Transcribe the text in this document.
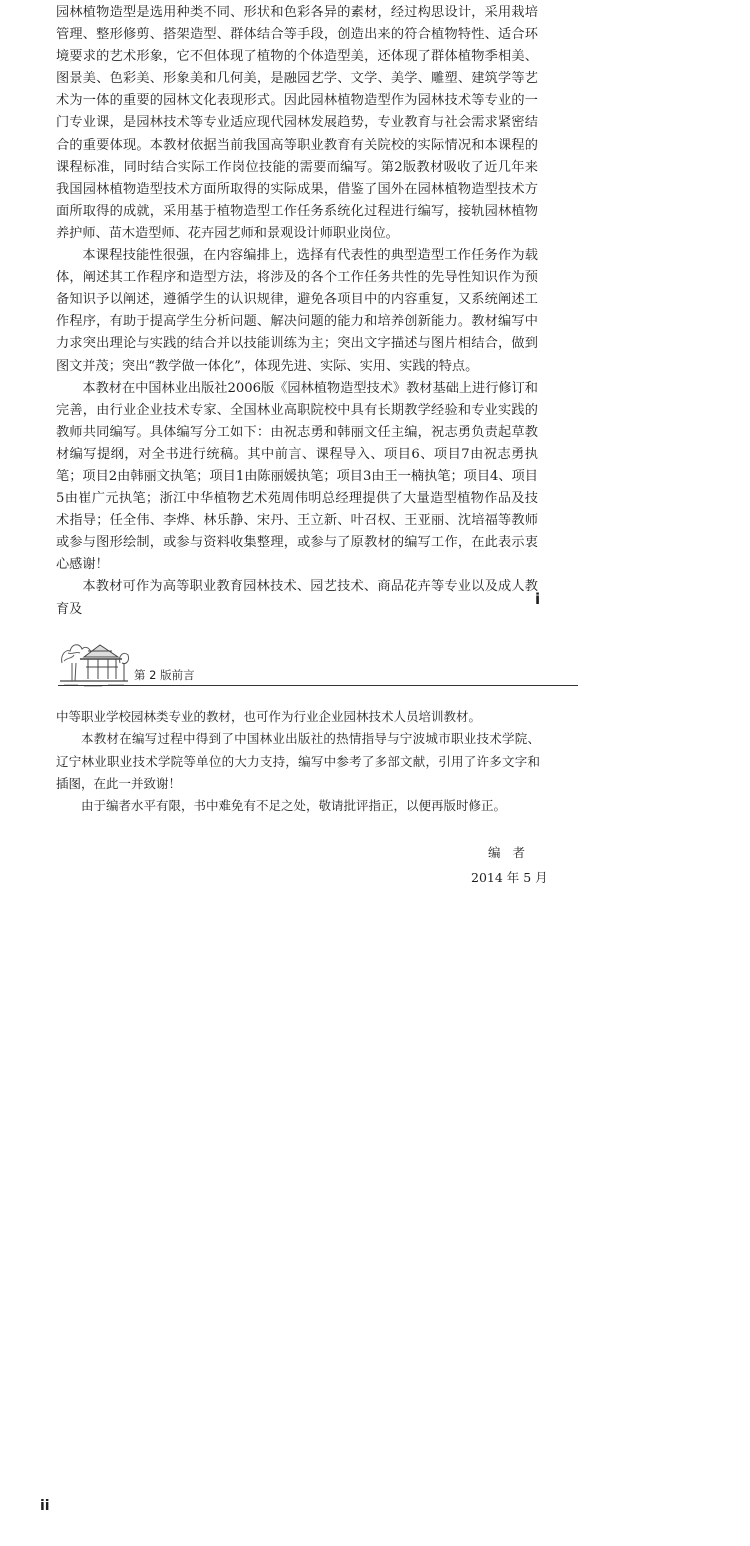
园林植物造型是选用种类不同、形状和色彩各异的素材，经过构思设计，采用栽培管理、整形修剪、搭架造型、群体结合等手段，创造出来的符合植物特性、适合环境要求的艺术形象，它不但体现了植物的个体造型美，还体现了群体植物季相美、图景美、色彩美、形象美和几何美，是融园艺学、文学、美学、雕塑、建筑学等艺术为一体的重要的园林文化表现形式。因此园林植物造型作为园林技术等专业的一门专业课，是园林技术等专业适应现代园林发展趋势，专业教育与社会需求紧密结合的重要体现。本教材依据当前我国高等职业教育有关院校的实际情况和本课程的课程标准，同时结合实际工作岗位技能的需要而编写。第2版教材吸收了近几年来我国园林植物造型技术方面所取得的实际成果，借鉴了国外在园林植物造型技术方面所取得的成就，采用基于植物造型工作任务系统化过程进行编写，接轨园林植物养护师、苗木造型师、花卉园艺师和景观设计师职业岗位。

本课程技能性很强，在内容编排上，选择有代表性的典型造型工作任务作为载体，阐述其工作程序和造型方法，将涉及的各个工作任务共性的先导性知识作为预备知识予以阐述，遵循学生的认识规律，避免各项目中的内容重复，又系统阐述工作程序，有助于提高学生分析问题、解决问题的能力和培养创新能力。教材编写中力求突出理论与实践的结合并以技能训练为主；突出文字描述与图片相结合，做到图文并茂；突出“教学做一体化”，体现先进、实际、实用、实践的特点。

本教材在中国林业出版社2006版《园林植物造型技术》教材基础上进行修订和完善，由行业企业技术专家、全国林业高职院校中具有长期教学经验和专业实践的教师共同编写。具体编写分工如下：由祝志勇和韩丽文任主编，祝志勇负责起草教材编写提纲，对全书进行统稿。其中前言、课程导入、项目6、项目7由祝志勇执笔；项目2由韩丽文执笔；项目1由陈丽媛执笔；项目3由王一楠执笔；项目4、项目5由崔广元执笔；浙江中华植物艺术苑周伟明总经理提供了大量造型植物作品及技术指导；任全伟、李烨、林乐静、宋丹、王立新、叶召权、王亚丽、沈培福等教师或参与图形绘制，或参与资料收集整理，或参与了原教材的编写工作，在此表示衷心感谢！

本教材可作为高等职业教育园林技术、园艺技术、商品花卉等专业以及成人教育及

i
第 2 版前言

中等职业学校园林类专业的教材，也可作为行业企业园林技术人员培训教材。

本教材在编写过程中得到了中国林业出版社的热情指导与宁波城市职业技术学院、辽宁林业职业技术学院等单位的大力支持，编写中参考了多部文献，引用了许多文字和插图，在此一并致谢！

由于编者水平有限，书中难免有不足之处，敬请批评指正，以便再版时修正。

编者
2014 年 5 月
ii
